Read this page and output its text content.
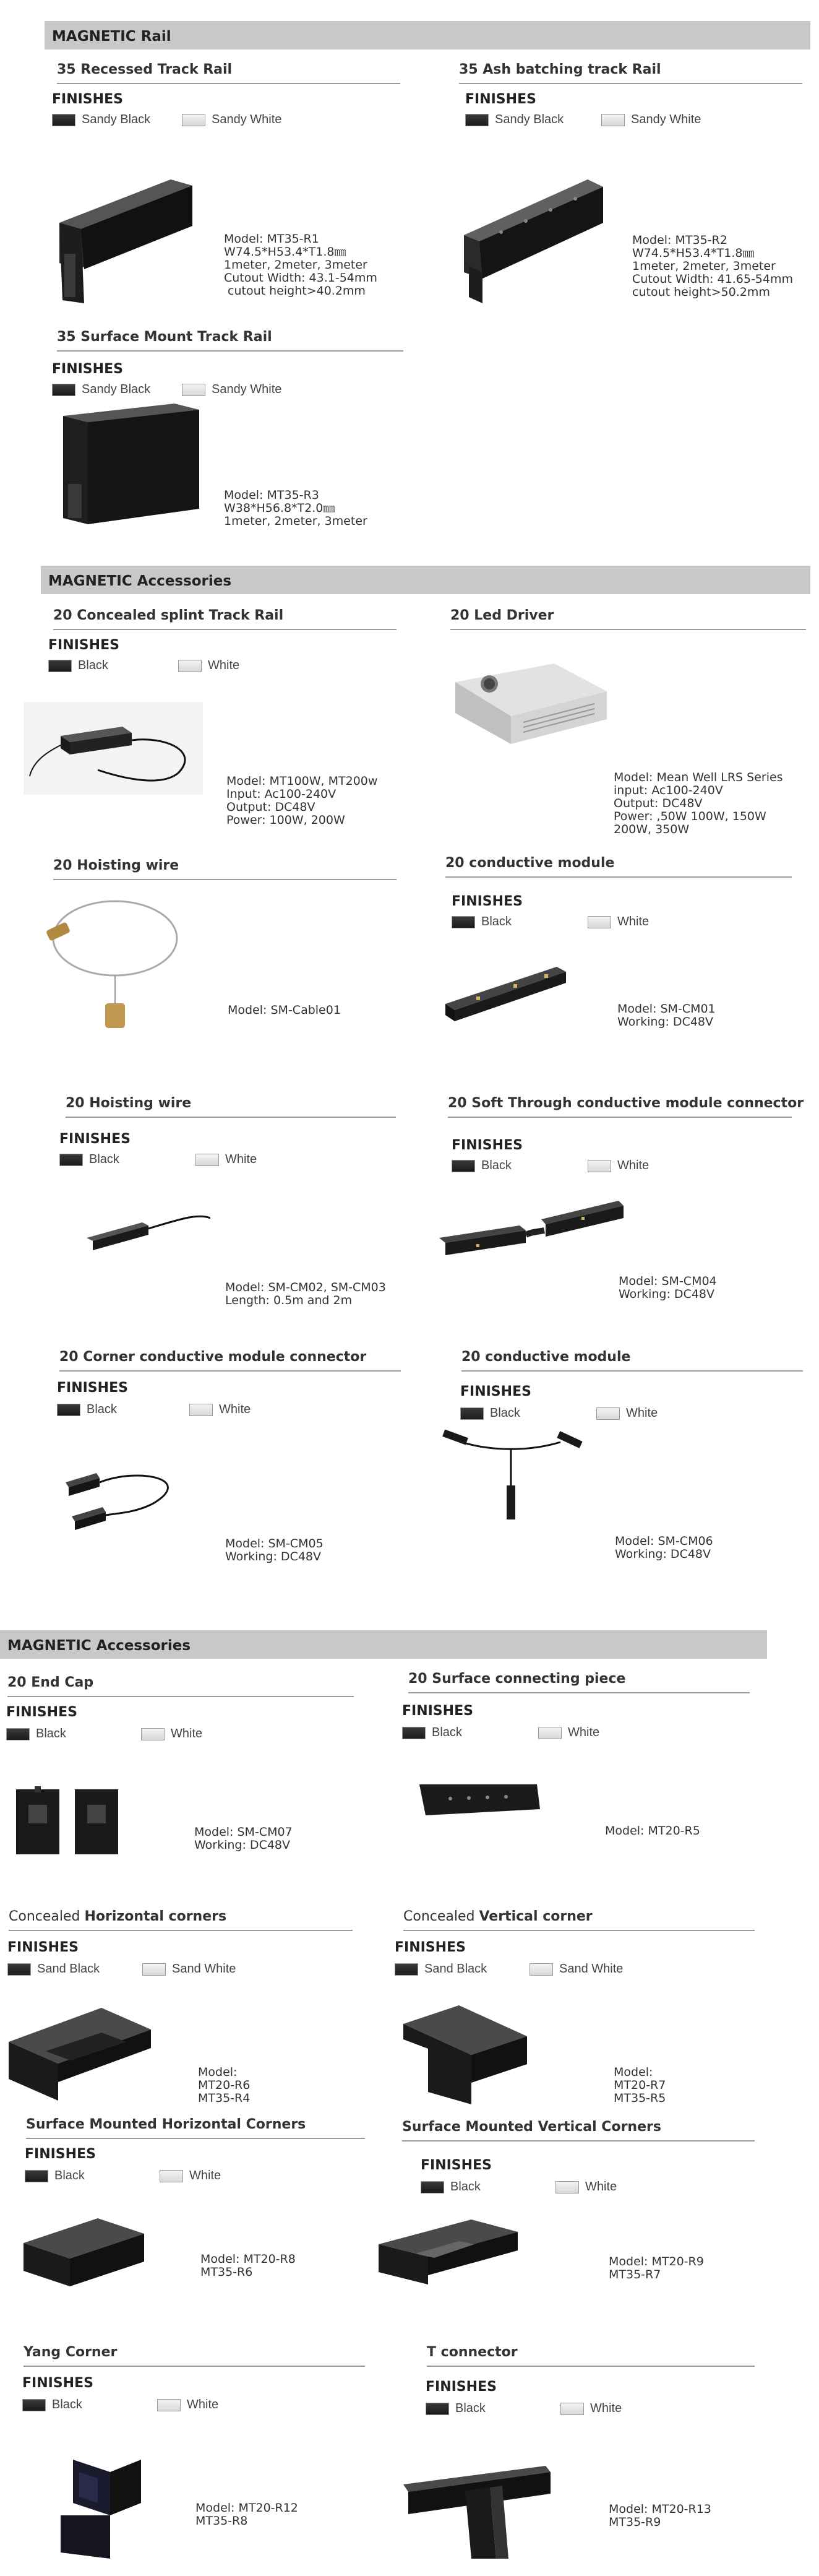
MAGNETIC Rail
35 Recessed Track Rail
FINISHES
Sandy Black	Sandy White
Model: MT35-R1
W74.5*H53.4*T1.8㎜
1meter, 2meter, 3meter
Cutout Width: 43.1-54mm
cutout height>40.2mm
35 Ash batching track Rail
FINISHES
Sandy Black	Sandy White
Model: MT35-R2
W74.5*H53.4*T1.8㎜
1meter, 2meter, 3meter
Cutout Width: 41.65-54mm
cutout height>50.2mm
35 Surface Mount Track Rail
FINISHES
Sandy Black	Sandy White
Model: MT35-R3
W38*H56.8*T2.0㎜
1meter, 2meter, 3meter
MAGNETIC Accessories
20 Concealed splint Track Rail
FINISHES
Black	White
Model: MT100W, MT200w
Input: Ac100-240V
Output: DC48V
Power: 100W, 200W
20 Led Driver
Model: Mean Well LRS Series
input: Ac100-240V
Output: DC48V
Power: ,50W 100W, 150W
200W, 350W
20 Hoisting wire
Model: SM-Cable01
20 conductive module
FINISHES
Black	White
Model: SM-CM01
Working: DC48V
20 Hoisting wire
FINISHES
Black	White
Model: SM-CM02, SM-CM03
Length: 0.5m and 2m
20 Soft Through conductive module connector
FINISHES
Black	White
Model: SM-CM04
Working: DC48V
20 Corner conductive module connector
FINISHES
Black	White
Model: SM-CM05
Working: DC48V
20 conductive module
FINISHES
Black	White
Model: SM-CM06
Working: DC48V
MAGNETIC Accessories
20 End Cap
FINISHES
Black	White
Model: SM-CM07
Working: DC48V
20 Surface connecting piece
FINISHES
Black	White
Model: MT20-R5
Concealed Horizontal corners
FINISHES
Sand Black	Sand White
Model:
MT20-R6
MT35-R4
Concealed Vertical corner
FINISHES
Sand Black	Sand White
Model:
MT20-R7
MT35-R5
Surface Mounted Horizontal Corners
FINISHES
Black	White
Model: MT20-R8
MT35-R6
Surface Mounted Vertical Corners
FINISHES
Black	White
Model: MT20-R9
MT35-R7
Yang Corner
FINISHES
Black	White
Model: MT20-R12
MT35-R8
T connector
FINISHES
Black	White
Model: MT20-R13
MT35-R9
